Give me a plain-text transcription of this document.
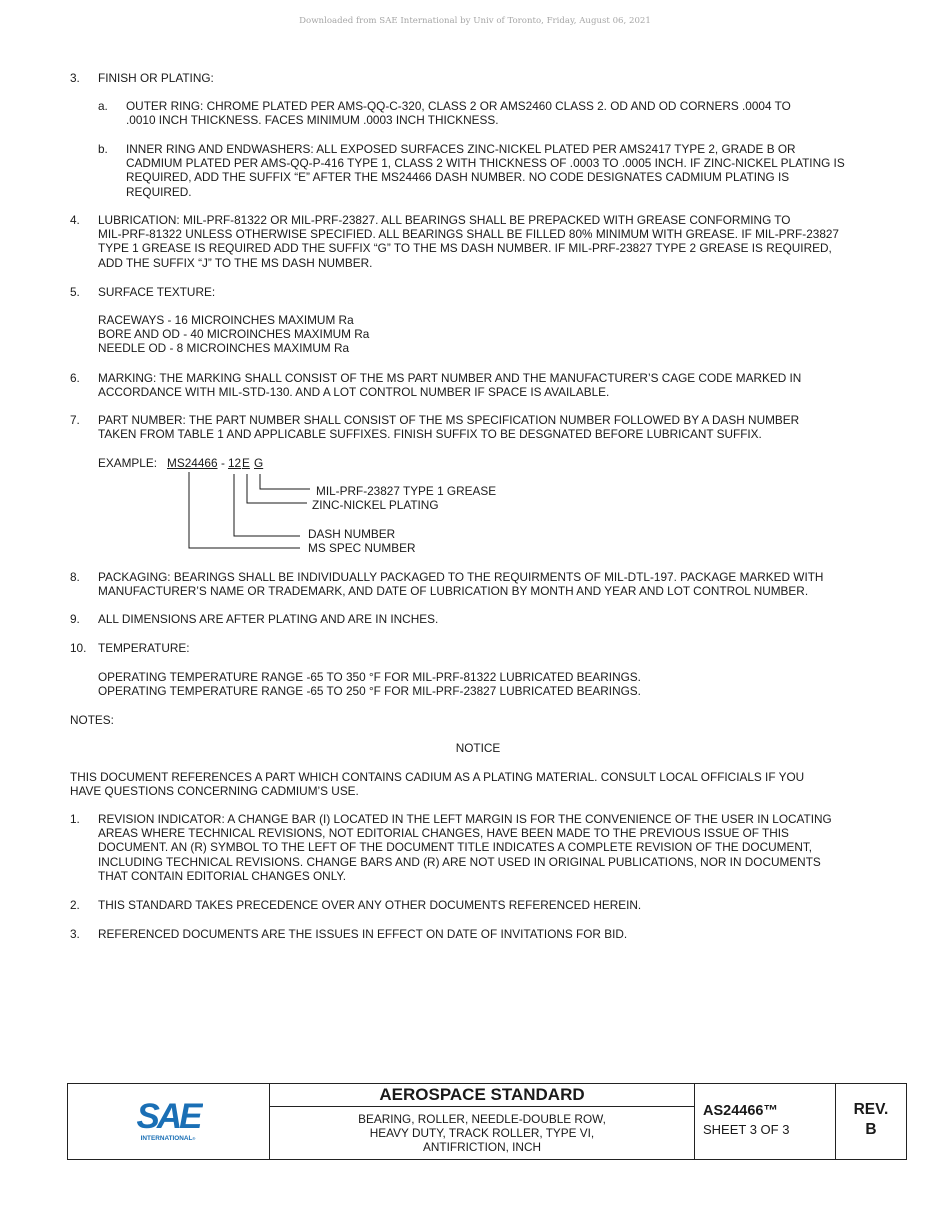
Downloaded from SAE International by Univ of Toronto, Friday, August 06, 2021
3. FINISH OR PLATING:
a. OUTER RING: CHROME PLATED PER AMS-QQ-C-320, CLASS 2 OR AMS2460 CLASS 2. OD AND OD CORNERS .0004 TO
.0010 INCH THICKNESS. FACES MINIMUM .0003 INCH THICKNESS.
b. INNER RING AND ENDWASHERS: ALL EXPOSED SURFACES ZINC-NICKEL PLATED PER AMS2417 TYPE 2, GRADE B OR
CADMIUM PLATED PER AMS-QQ-P-416 TYPE 1, CLASS 2 WITH THICKNESS OF .0003 TO .0005 INCH. IF ZINC-NICKEL PLATING IS
REQUIRED, ADD THE SUFFIX “E” AFTER THE MS24466 DASH NUMBER. NO CODE DESIGNATES CADMIUM PLATING IS
REQUIRED.
4. LUBRICATION: MIL-PRF-81322 OR MIL-PRF-23827. ALL BEARINGS SHALL BE PREPACKED WITH GREASE CONFORMING TO
MIL-PRF-81322 UNLESS OTHERWISE SPECIFIED. ALL BEARINGS SHALL BE FILLED 80% MINIMUM WITH GREASE. IF MIL-PRF-23827
TYPE 1 GREASE IS REQUIRED ADD THE SUFFIX “G” TO THE MS DASH NUMBER. IF MIL-PRF-23827 TYPE 2 GREASE IS REQUIRED,
ADD THE SUFFIX “J” TO THE MS DASH NUMBER.
5. SURFACE TEXTURE:
RACEWAYS - 16 MICROINCHES MAXIMUM Ra
BORE AND OD - 40 MICROINCHES MAXIMUM Ra
NEEDLE OD - 8 MICROINCHES MAXIMUM Ra
6. MARKING: THE MARKING SHALL CONSIST OF THE MS PART NUMBER AND THE MANUFACTURER’S CAGE CODE MARKED IN
ACCORDANCE WITH MIL-STD-130. AND A LOT CONTROL NUMBER IF SPACE IS AVAILABLE.
7. PART NUMBER: THE PART NUMBER SHALL CONSIST OF THE MS SPECIFICATION NUMBER FOLLOWED BY A DASH NUMBER
TAKEN FROM TABLE 1 AND APPLICABLE SUFFIXES. FINISH SUFFIX TO BE DESGNATED BEFORE LUBRICANT SUFFIX.
EXAMPLE: MS24466 - 12 E G
MIL-PRF-23827 TYPE 1 GREASE
ZINC-NICKEL PLATING
DASH NUMBER
MS SPEC NUMBER
8. PACKAGING: BEARINGS SHALL BE INDIVIDUALLY PACKAGED TO THE REQUIRMENTS OF MIL-DTL-197. PACKAGE MARKED WITH
MANUFACTURER’S NAME OR TRADEMARK, AND DATE OF LUBRICATION BY MONTH AND YEAR AND LOT CONTROL NUMBER.
9. ALL DIMENSIONS ARE AFTER PLATING AND ARE IN INCHES.
10. TEMPERATURE:
OPERATING TEMPERATURE RANGE -65 TO 350 °F FOR MIL-PRF-81322 LUBRICATED BEARINGS.
OPERATING TEMPERATURE RANGE -65 TO 250 °F FOR MIL-PRF-23827 LUBRICATED BEARINGS.
NOTES:
NOTICE
THIS DOCUMENT REFERENCES A PART WHICH CONTAINS CADIUM AS A PLATING MATERIAL. CONSULT LOCAL OFFICIALS IF YOU
HAVE QUESTIONS CONCERNING CADMIUM’S USE.
1. REVISION INDICATOR: A CHANGE BAR (I) LOCATED IN THE LEFT MARGIN IS FOR THE CONVENIENCE OF THE USER IN LOCATING
AREAS WHERE TECHNICAL REVISIONS, NOT EDITORIAL CHANGES, HAVE BEEN MADE TO THE PREVIOUS ISSUE OF THIS
DOCUMENT. AN (R) SYMBOL TO THE LEFT OF THE DOCUMENT TITLE INDICATES A COMPLETE REVISION OF THE DOCUMENT,
INCLUDING TECHNICAL REVISIONS. CHANGE BARS AND (R) ARE NOT USED IN ORIGINAL PUBLICATIONS, NOR IN DOCUMENTS
THAT CONTAIN EDITORIAL CHANGES ONLY.
2. THIS STANDARD TAKES PRECEDENCE OVER ANY OTHER DOCUMENTS REFERENCED HEREIN.
3. REFERENCED DOCUMENTS ARE THE ISSUES IN EFFECT ON DATE OF INVITATIONS FOR BID.
SAE
INTERNATIONAL®
AEROSPACE STANDARD
BEARING, ROLLER, NEEDLE-DOUBLE ROW,
HEAVY DUTY, TRACK ROLLER, TYPE VI,
ANTIFRICTION, INCH
AS24466™
SHEET 3 OF 3
REV.
B
